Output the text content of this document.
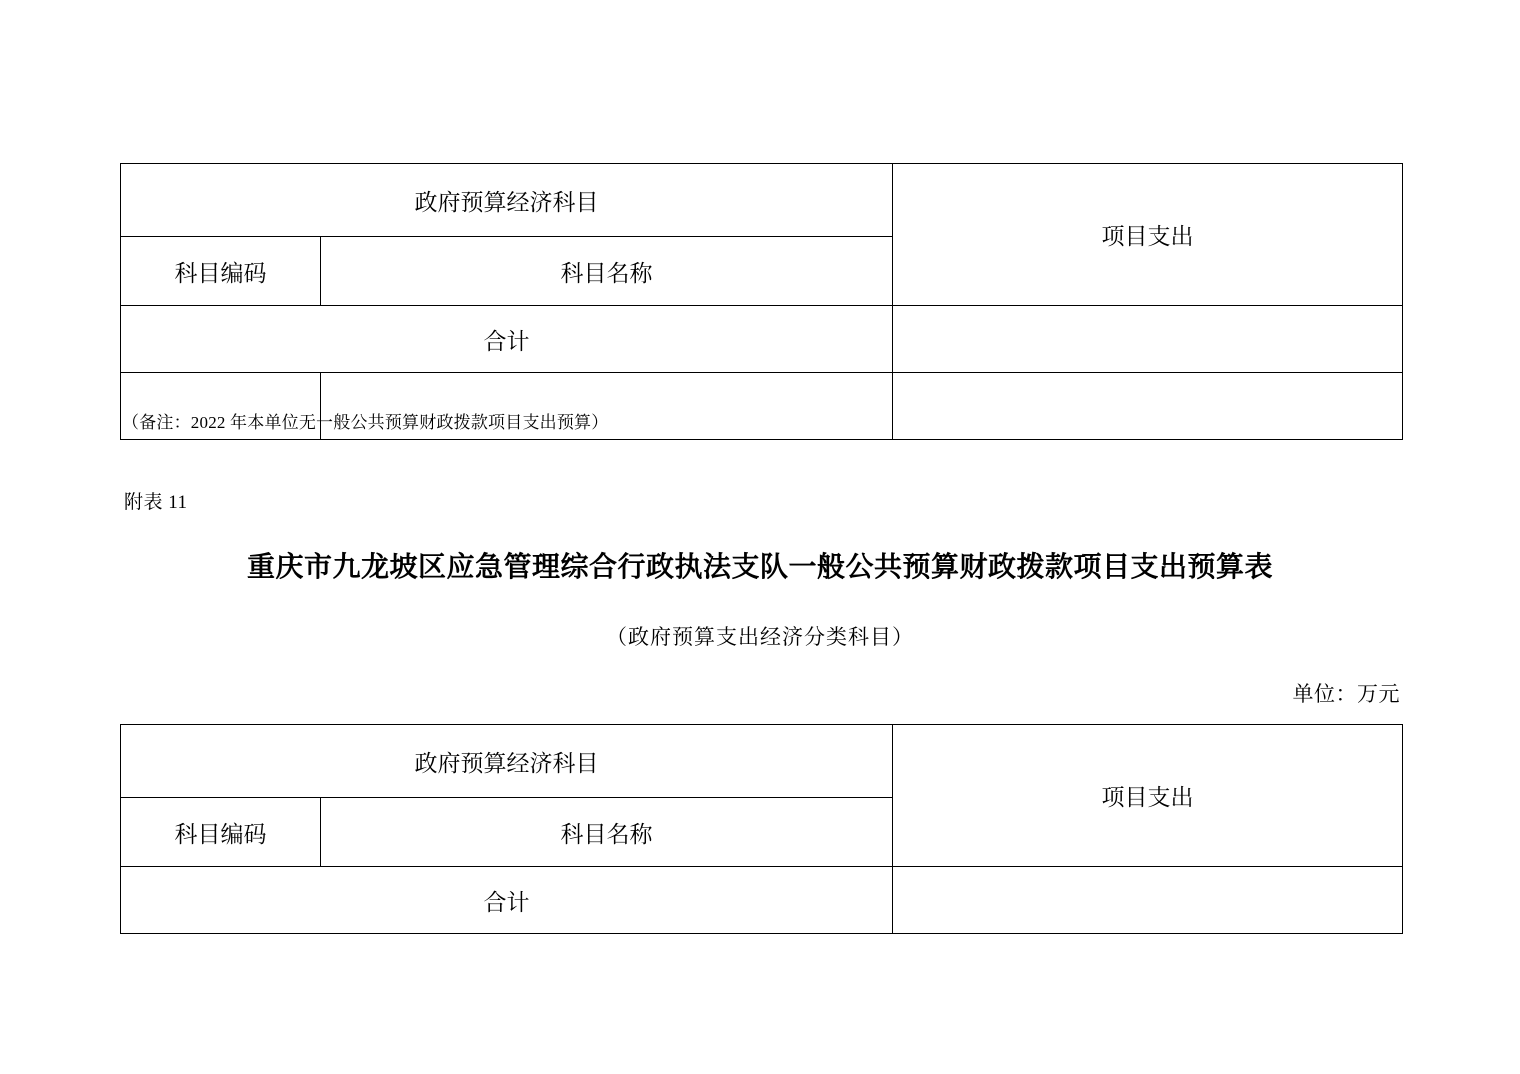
政府预算经济科目		项目支出
科目编码	科目名称	
合计		

（备注：2022 年本单位无一般公共预算财政拨款项目支出预算）
附表 11
重庆市九龙坡区应急管理综合行政执法支队一般公共预算财政拨款项目支出预算表
（政府预算支出经济分类科目）
单位：万元
政府预算经济科目		项目支出
科目编码	科目名称	
合计		
